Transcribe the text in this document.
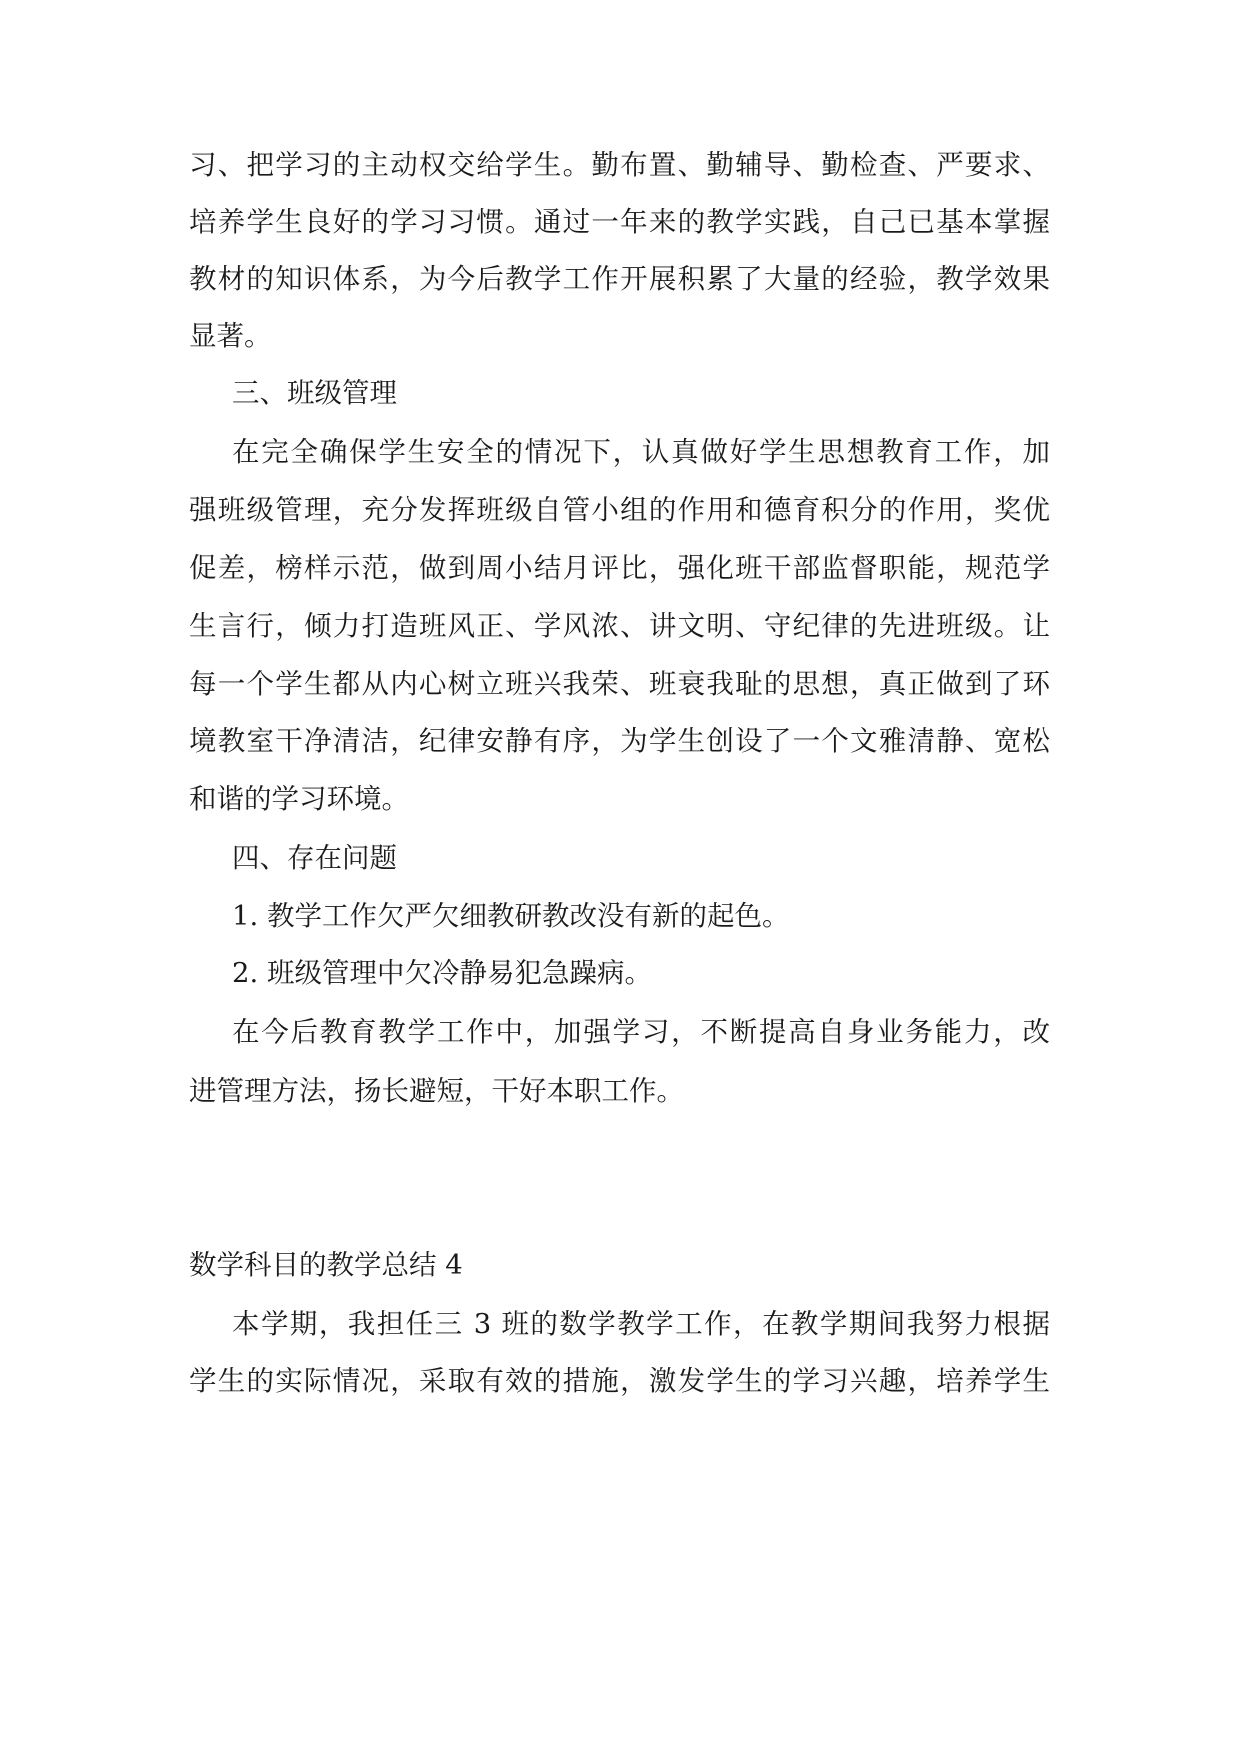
习、把学习的主动权交给学生。勤布置、勤辅导、勤检查、严要求、
培养学生良好的学习习惯。通过一年来的教学实践，自己已基本掌握
教材的知识体系，为今后教学工作开展积累了大量的经验，教学效果
显著。
三、班级管理
在完全确保学生安全的情况下，认真做好学生思想教育工作，加
强班级管理，充分发挥班级自管小组的作用和德育积分的作用，奖优
促差，榜样示范，做到周小结月评比，强化班干部监督职能，规范学
生言行，倾力打造班风正、学风浓、讲文明、守纪律的先进班级。让
每一个学生都从内心树立班兴我荣、班衰我耻的思想，真正做到了环
境教室干净清洁，纪律安静有序，为学生创设了一个文雅清静、宽松
和谐的学习环境。
四、存在问题
1. 教学工作欠严欠细教研教改没有新的起色。
2. 班级管理中欠冷静易犯急躁病。
在今后教育教学工作中，加强学习，不断提高自身业务能力，改
进管理方法，扬长避短，干好本职工作。
数学科目的教学总结 4
本学期，我担任三 3 班的数学教学工作，在教学期间我努力根据
学生的实际情况，采取有效的措施，激发学生的学习兴趣，培养学生
